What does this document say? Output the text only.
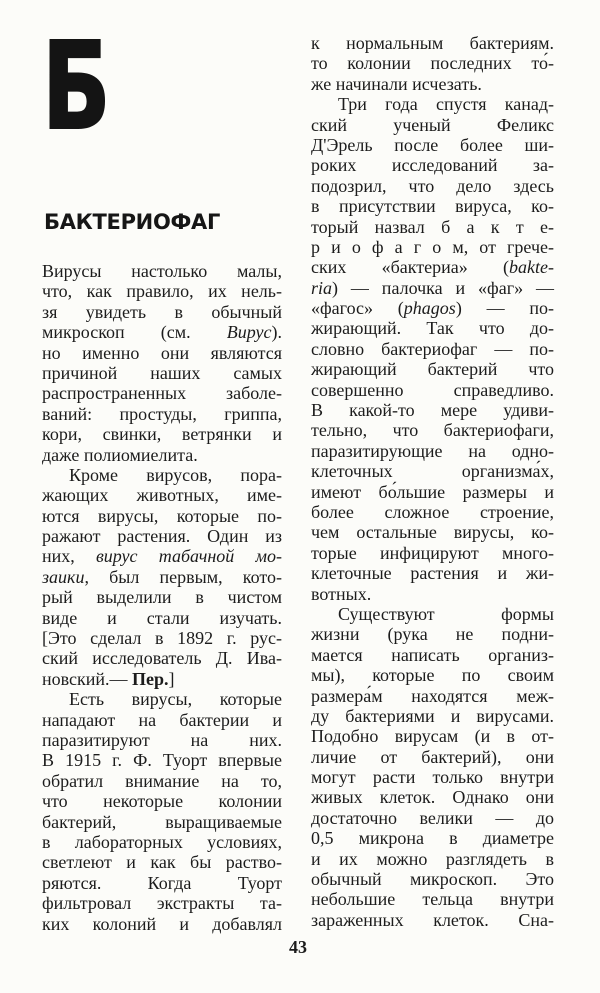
Б
БАКТЕРИОФАГ
Вирусы настолько малы,
что, как правило, их нель-
зя увидеть в обычный
микроскоп (см. Вирус).
но именно они являются
причиной наших самых
распространенных заболе-
ваний: простуды, гриппа,
кори, свинки, ветрянки и
даже полиомиелита.
Кроме вирусов, пора-
жающих животных, име-
ются вирусы, которые по-
ражают растения. Один из
них, вирус табачной мо-
заики, был первым, кото-
рый выделили в чистом
виде и стали изучать.
[Это сделал в 1892 г. рус-
ский исследователь Д. Ива-
новский.— Пер.]
Есть вирусы, которые
нападают на бактерии и
паразитируют на них.
В 1915 г. Ф. Туорт впервые
обратил внимание на то,
что некоторые колонии
бактерий, выращиваемые
в лабораторных условиях,
светлеют и как бы раство-
ряются. Когда Туорт
фильтровал экстракты та-
ких колоний и добавлял
к нормальным бактериям.
то колонии последних то́-
же начинали исчезать.
Три года спустя канад-
ский ученый Феликс
Д'Эрель после более ши-
роких исследований за-
подозрил, что дело здесь
в присутствии вируса, ко-
торый назвал б а к т е-
р и о ф а г о м, от грече-
ских «бактериа» (bakte-
ria) — палочка и «фаг» —
«фагос» (phagos) — по-
жирающий. Так что до-
словно бактериофаг — по-
жирающий бактерий что
совершенно справедливо.
В какой-то мере удиви-
тельно, что бактериофаги,
паразитирующие на одно-
клеточных организма́х,
имеют бо́льшие размеры и
более сложное строение,
чем остальные вирусы, ко-
торые инфицируют много-
клеточные растения и жи-
вотных.
Существуют формы
жизни (рука не подни-
мается написать организ-
мы), которые по своим
размера́м находятся меж-
ду бактериями и вирусами.
Подобно вирусам (и в от-
личие от бактерий), они
могут расти только внутри
живых клеток. Однако они
достаточно велики — до
0,5 микрона в диаметре
и их можно разглядеть в
обычный микроскоп. Это
небольшие тельца внутри
зараженных клеток. Сна-
43
